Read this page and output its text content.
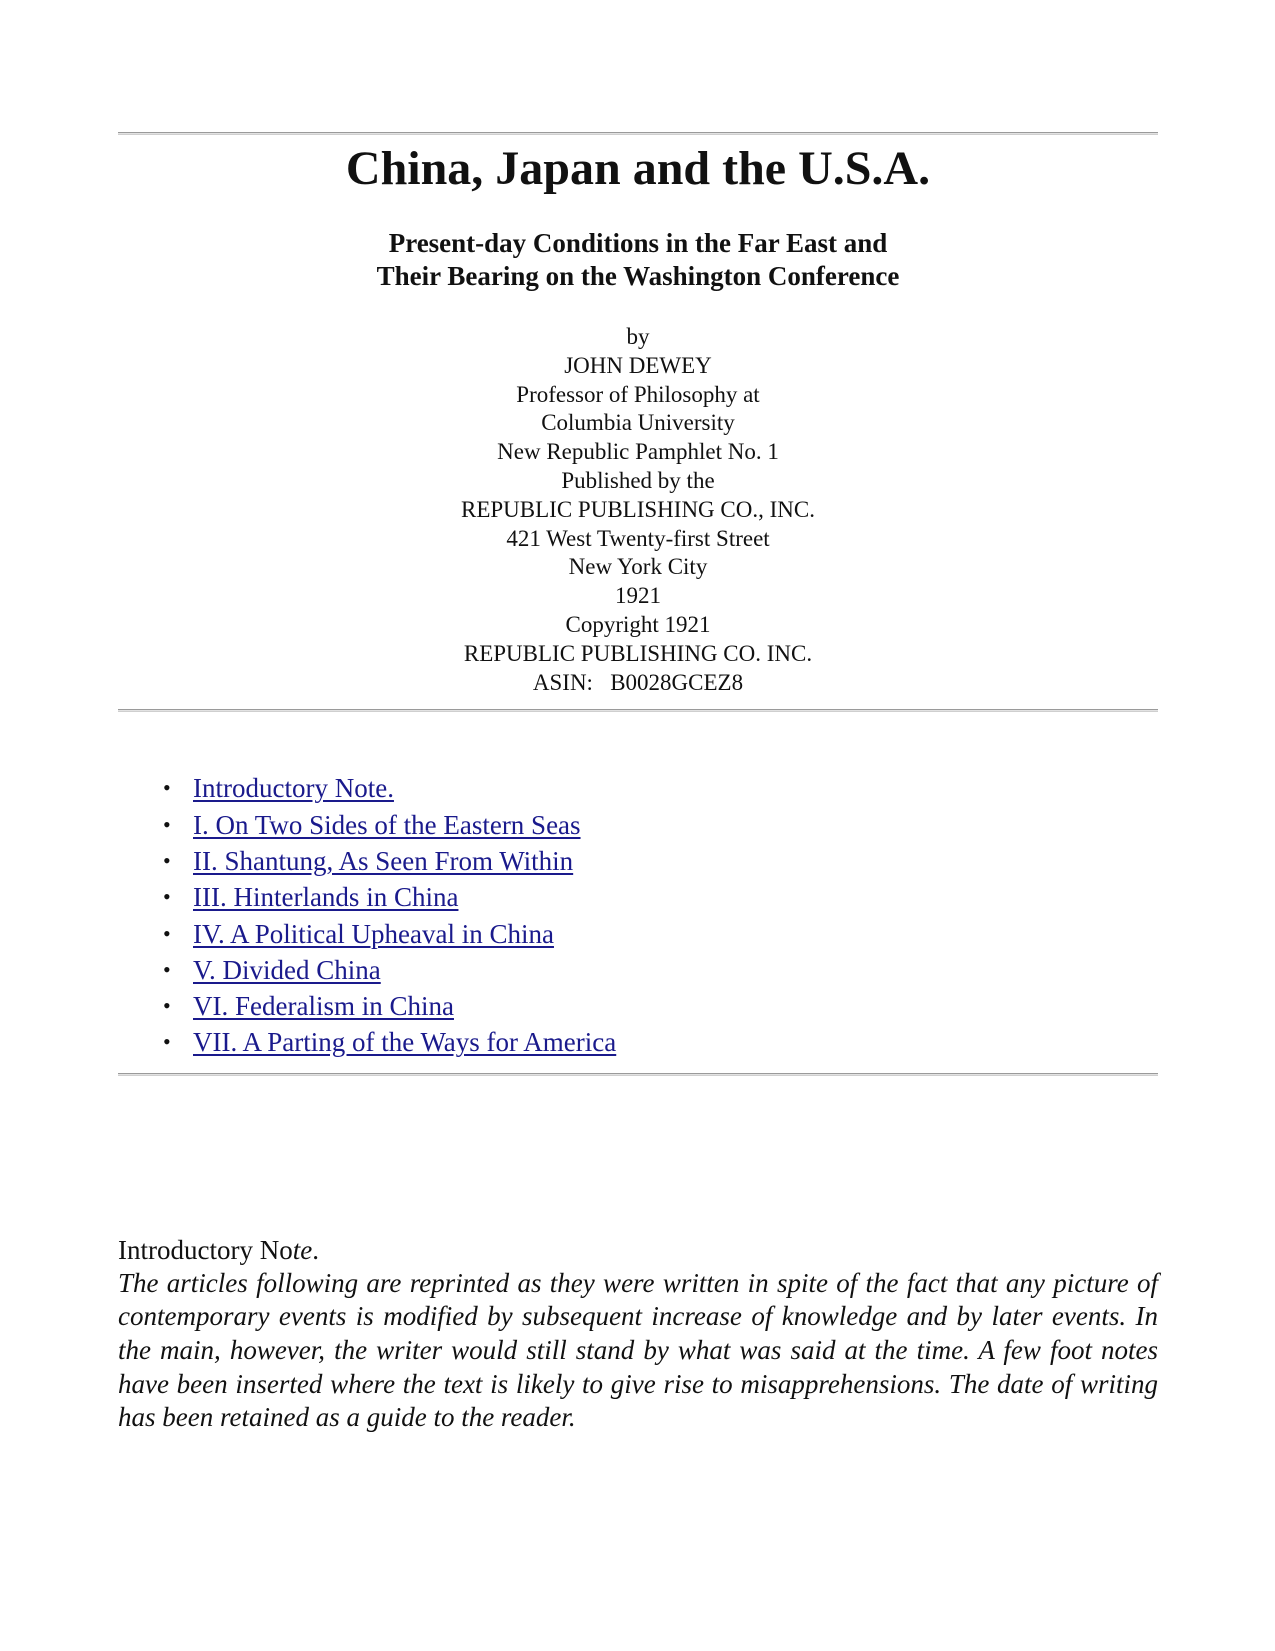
China, Japan and the U.S.A.
Present-day Conditions in the Far East and
Their Bearing on the Washington Conference
by
JOHN DEWEY
Professor of Philosophy at
Columbia University
New Republic Pamphlet No. 1
Published by the
REPUBLIC PUBLISHING CO., INC.
421 West Twenty-first Street
New York City
1921
Copyright 1921
REPUBLIC PUBLISHING CO. INC.
ASIN:   B0028GCEZ8
• Introductory Note.
• I. On Two Sides of the Eastern Seas
• II. Shantung, As Seen From Within
• III. Hinterlands in China
• IV. A Political Upheaval in China
• V. Divided China
• VI. Federalism in China
• VII. A Parting of the Ways for America
Introductory Note.

The articles following are reprinted as they were written in spite of the fact that any picture of contemporary events is modified by subsequent increase of knowledge and by later events. In the main, however, the writer would still stand by what was said at the time. A few foot notes have been inserted where the text is likely to give rise to misapprehensions. The date of writing has been retained as a guide to the reader.
